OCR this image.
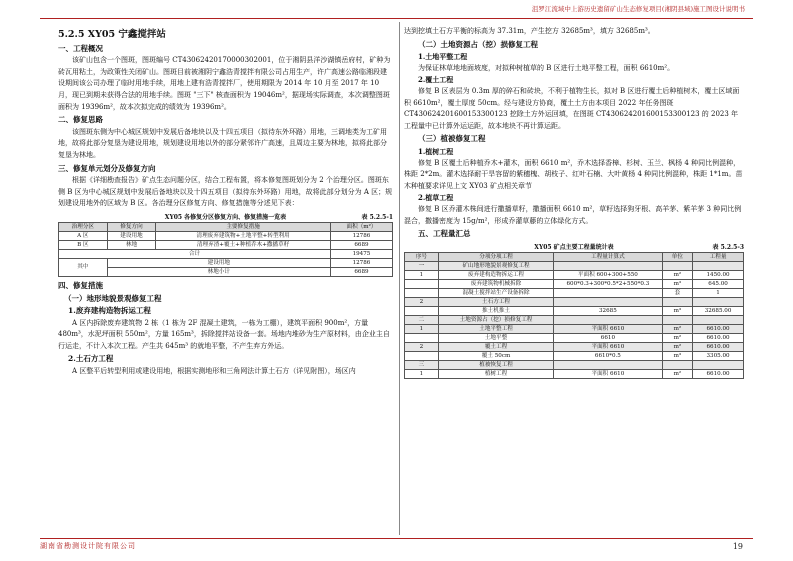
沮罗江流域中上游历史遗留矿山生态修复项目(湘阴县域)施工图设计说明书
5.2.5 XY05 宁鑫搅拌站
一、工程概况

该矿山包含一个图斑，图斑编号 CT43062420170000302001，位于湘阴县洋沙湖镇岳府村，矿种为砖瓦用粘土，为政策性关闭矿山。图斑目前被湘阴宁鑫浩青搅拌有限公司占用生产，许广高速公路临湘段建设期间该公司办理了临时用地手续，用地上建有浩青搅拌厂，使用期限为 2014 年 10 月至 2017 年 10 月，现已到期未获得合法的用地手续。图斑 "三下" 核查面积为 19046m²，据现场实际调查，本次调整图斑面积为 19396m²，故本次拟完成的绩效为 19396m²。

二、修复思路

该图斑东侧为中心城区规划中发展后备地块以及十四五项目（拟待东外环路）用地，三调地类为工矿用地，故将此部分复垦为建设用地，规划建设用地以外的部分紧邻许广高速，且周边主要为林地，拟将此部分复垦为林地。

三、修复单元划分及修复方向

根据《详细勘查报告》矿点生态问题分区，结合工程布置，将本修复图斑划分为 2 个治理分区。图斑东侧 B 区为中心城区规划中发展后备地块以及十四五项目（拟待东外环路）用地，故将此部分划分为 A 区；规划建设用地外的区域为 B 区。各治理分区修复方向、修复措施等分述见下表：

XY05 各修复分区修复方向、修复措施一览表	表 5.2.5-1
治理分区	修复方向	主要修复措施	面积（m²）
A 区	建设用地	清理废弃建筑物+土地平整+转型利用	12786
B 区	林地	清理弃渣+覆土+种植乔木+撒播草籽	6689
合计			19475
其中	建设用地		12786
	林地小计		6689
四、修复措施
（一）地形地貌景观修复工程
1.废弃建构造物拆运工程

A 区内拆除废弃建筑物 2 栋（1 栋为 2F 混凝土建筑，一栋为工棚），建筑平面积 900m²，方量 480m³，水泥坪面积 550m²，方量 165m³，拆除搅拌站设备一套。场地内堆砂为生产原材料，由企业主自行运走，不计入本次工程。产生共 645m³ 的就地平整，不产生弃方外运。

2.土石方工程

A 区整平后转型利用或建设用地，根据实测地形和三角网法计算土石方（详见附图），场区内

达到挖填土石方平衡的标高为 37.31m，产生挖方 32685m³，填方 32685m³。

（二）土地资源占（挖）损修复工程
1.土地平整工程

为保证林草地地面坡度，对拟种树植草的 B 区进行土地平整工程，面积 6610m²。

2.覆土工程

修复 B 区表层为 0.3m 厚的碎石和砖块，不利于植物生长，拟对 B 区进行覆土后种植树木，覆土区域面积 6610m²，覆土厚度 50cm。经与建设方协商，覆土土方由本项目 2022 年任务图斑 CT43062420160015330012​3 挖除土方外运回填，在图斑 CT43062420160015330012​3 的 2023 年工程量中已计算外运运距，故本地块不再计算运距。

（三）植被修复工程
1.植树工程

修复 B 区覆土后种植乔木+灌木，面积 6610 m²，乔木选择香樟、杉树、玉兰、枫杨 4 种同比例混种，株距 2*2m。灌木选择耐干旱容留的紫穗槐、胡枝子、红叶石楠、大叶黄杨 4 种同比例混种，株距 1*1m。苗木种植要求详见上文 XY03 矿点相关章节

2.植草工程

修复 B 区乔灌木株间进行撒播草籽，撒播面积 6610 m²，草籽选择狗牙根、高羊茅、紫羊茅 3 种同比例混合，撒播密度为 15g/m²，形成乔灌草藤的立体绿化方式。

五、工程量汇总
XY05 矿点主要工程量统计表	表 5.2.5-3
序号	分项分项工程	工程量计算式	单位	工程量
一	矿山地形地貌景观修复工程			
1	废弃建构造物拆运工程	平面积 600+300+550	m²	1450.00
	废弃建筑物机械拆除	600*0.3+300*0.5*2+550*0.3	m³	645.00
	混凝土搅拌站生产设备拆除		套	1
2	土石方工程			
	推土机推土	32685	m³	32685.00
二	土地资源占（挖）损修复工程			
1	土地平整工程	平面积 6610	m²	6610.00
	土地平整	6610	m²	6610.00
2	覆土工程	平面积 6610	m²	6610.00
	覆土 50cm	6610*0.5	m³	3305.00
三	植被恢复工程			
1	植树工程	平面积 6610	m²	6610.00
湖南省勘测设计院有限公司	19
